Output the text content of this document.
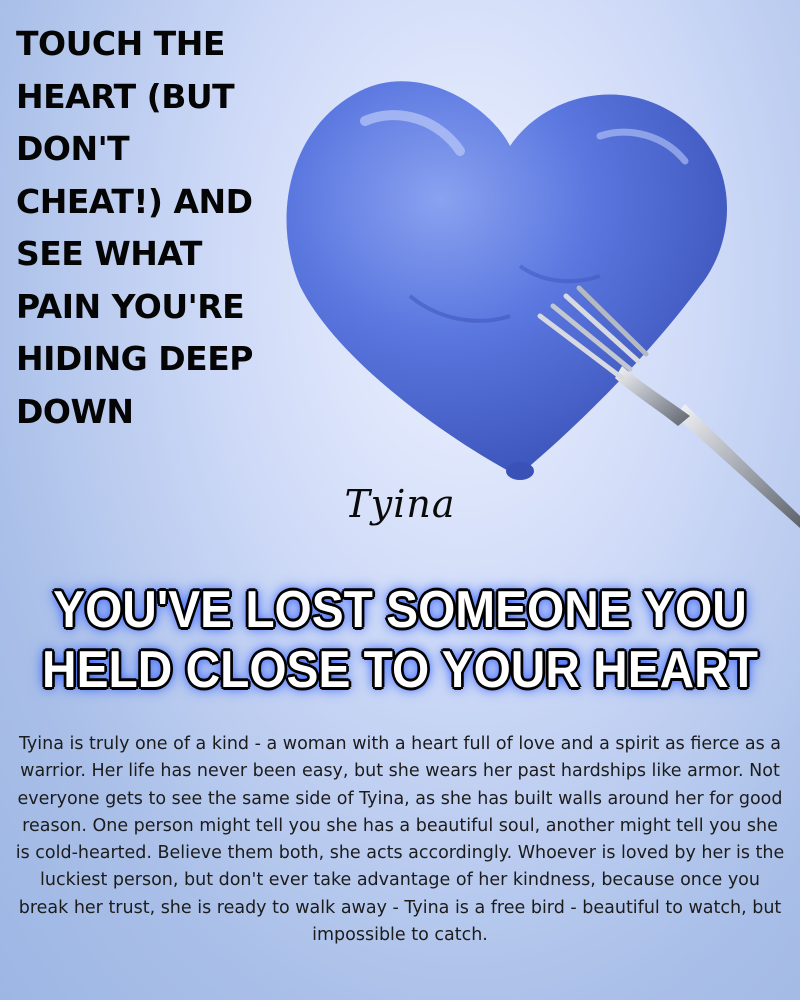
TOUCH THE HEART (BUT DON'T CHEAT!) AND SEE WHAT PAIN YOU'RE HIDING DEEP DOWN
Tyina
YOU'VE LOST SOMEONE YOU HELD CLOSE TO YOUR HEART

Tyina is truly one of a kind - a woman with a heart full of love and a spirit as fierce as a warrior. Her life has never been easy, but she wears her past hardships like armor. Not everyone gets to see the same side of Tyina, as she has built walls around her for good reason. One person might tell you she has a beautiful soul, another might tell you she is cold-hearted. Believe them both, she acts accordingly. Whoever is loved by her is the luckiest person, but don't ever take advantage of her kindness, because once you break her trust, she is ready to walk away - Tyina is a free bird - beautiful to watch, but impossible to catch.
